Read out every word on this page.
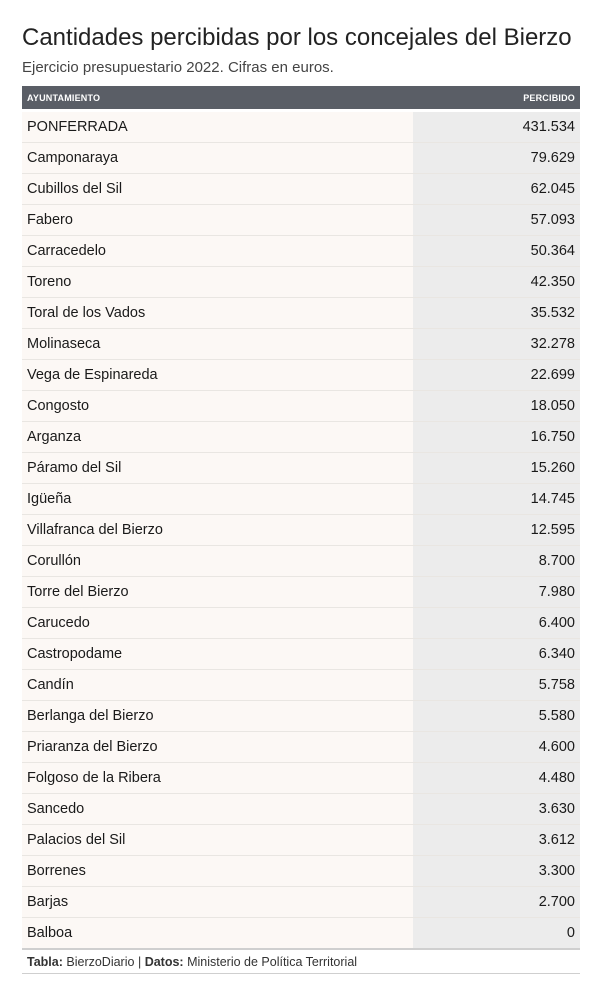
Cantidades percibidas por los concejales del Bierzo
Ejercicio presupuestario 2022. Cifras en euros.
AYUNTAMIENTO	PERCIBIDO

PONFERRADA	431.534
Camponaraya	79.629
Cubillos del Sil	62.045
Fabero	57.093
Carracedelo	50.364
Toreno	42.350
Toral de los Vados	35.532
Molinaseca	32.278
Vega de Espinareda	22.699
Congosto	18.050
Arganza	16.750
Páramo del Sil	15.260
Igüeña	14.745
Villafranca del Bierzo	12.595
Corullón	8.700
Torre del Bierzo	7.980
Carucedo	6.400
Castropodame	6.340
Candín	5.758
Berlanga del Bierzo	5.580
Priaranza del Bierzo	4.600
Folgoso de la Ribera	4.480
Sancedo	3.630
Palacios del Sil	3.612
Borrenes	3.300
Barjas	2.700
Balboa	0
Tabla: BierzoDiario | Datos: Ministerio de Política Territorial
